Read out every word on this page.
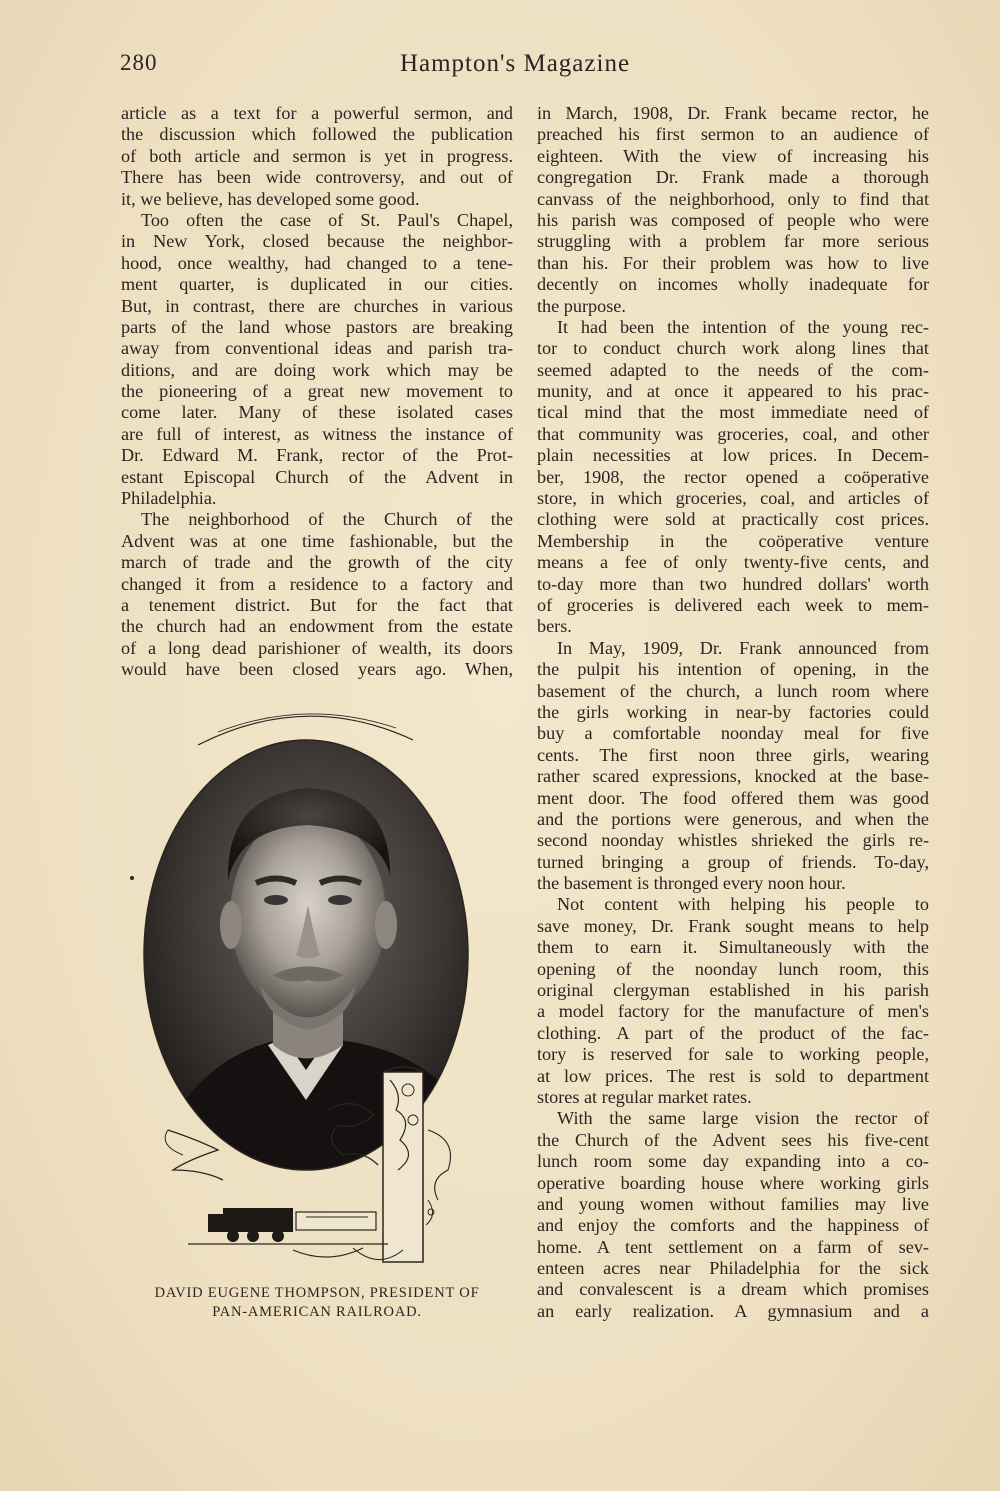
280	Hampton's Magazine
article as a text for a powerful sermon, and
the discussion which followed the publication
of both article and sermon is yet in progress.
There has been wide controversy, and out of
it, we believe, has developed some good.
Too often the case of St. Paul's Chapel,
in New York, closed because the neighbor-
hood, once wealthy, had changed to a tene-
ment quarter, is duplicated in our cities.
But, in contrast, there are churches in various
parts of the land whose pastors are breaking
away from conventional ideas and parish tra-
ditions, and are doing work which may be
the pioneering of a great new movement to
come later. Many of these isolated cases
are full of interest, as witness the instance of
Dr. Edward M. Frank, rector of the Prot-
estant Episcopal Church of the Advent in
Philadelphia.
The neighborhood of the Church of the
Advent was at one time fashionable, but the
march of trade and the growth of the city
changed it from a residence to a factory and
a tenement district. But for the fact that
the church had an endowment from the estate
of a long dead parishioner of wealth, its doors
would have been closed years ago. When,
in March, 1908, Dr. Frank became rector, he
preached his first sermon to an audience of
eighteen. With the view of increasing his
congregation Dr. Frank made a thorough
canvass of the neighborhood, only to find that
his parish was composed of people who were
struggling with a problem far more serious
than his. For their problem was how to live
decently on incomes wholly inadequate for
the purpose.
It had been the intention of the young rec-
tor to conduct church work along lines that
seemed adapted to the needs of the com-
munity, and at once it appeared to his prac-
tical mind that the most immediate need of
that community was groceries, coal, and other
plain necessities at low prices. In Decem-
ber, 1908, the rector opened a coöperative
store, in which groceries, coal, and articles of
clothing were sold at practically cost prices.
Membership in the coöperative venture
means a fee of only twenty-five cents, and
to-day more than two hundred dollars' worth
of groceries is delivered each week to mem-
bers.
In May, 1909, Dr. Frank announced from
the pulpit his intention of opening, in the
basement of the church, a lunch room where
the girls working in near-by factories could
buy a comfortable noonday meal for five
cents. The first noon three girls, wearing
rather scared expressions, knocked at the base-
ment door. The food offered them was good
and the portions were generous, and when the
second noonday whistles shrieked the girls re-
turned bringing a group of friends. To-day,
the basement is thronged every noon hour.
Not content with helping his people to
save money, Dr. Frank sought means to help
them to earn it. Simultaneously with the
opening of the noonday lunch room, this
original clergyman established in his parish
a model factory for the manufacture of men's
clothing. A part of the product of the fac-
tory is reserved for sale to working people,
at low prices. The rest is sold to department
stores at regular market rates.
With the same large vision the rector of
the Church of the Advent sees his five-cent
lunch room some day expanding into a co-
operative boarding house where working girls
and young women without families may live
and enjoy the comforts and the happiness of
home. A tent settlement on a farm of sev-
enteen acres near Philadelphia for the sick
and convalescent is a dream which promises
an early realization. A gymnasium and a
DAVID EUGENE THOMPSON, PRESIDENT OF
PAN-AMERICAN RAILROAD.
